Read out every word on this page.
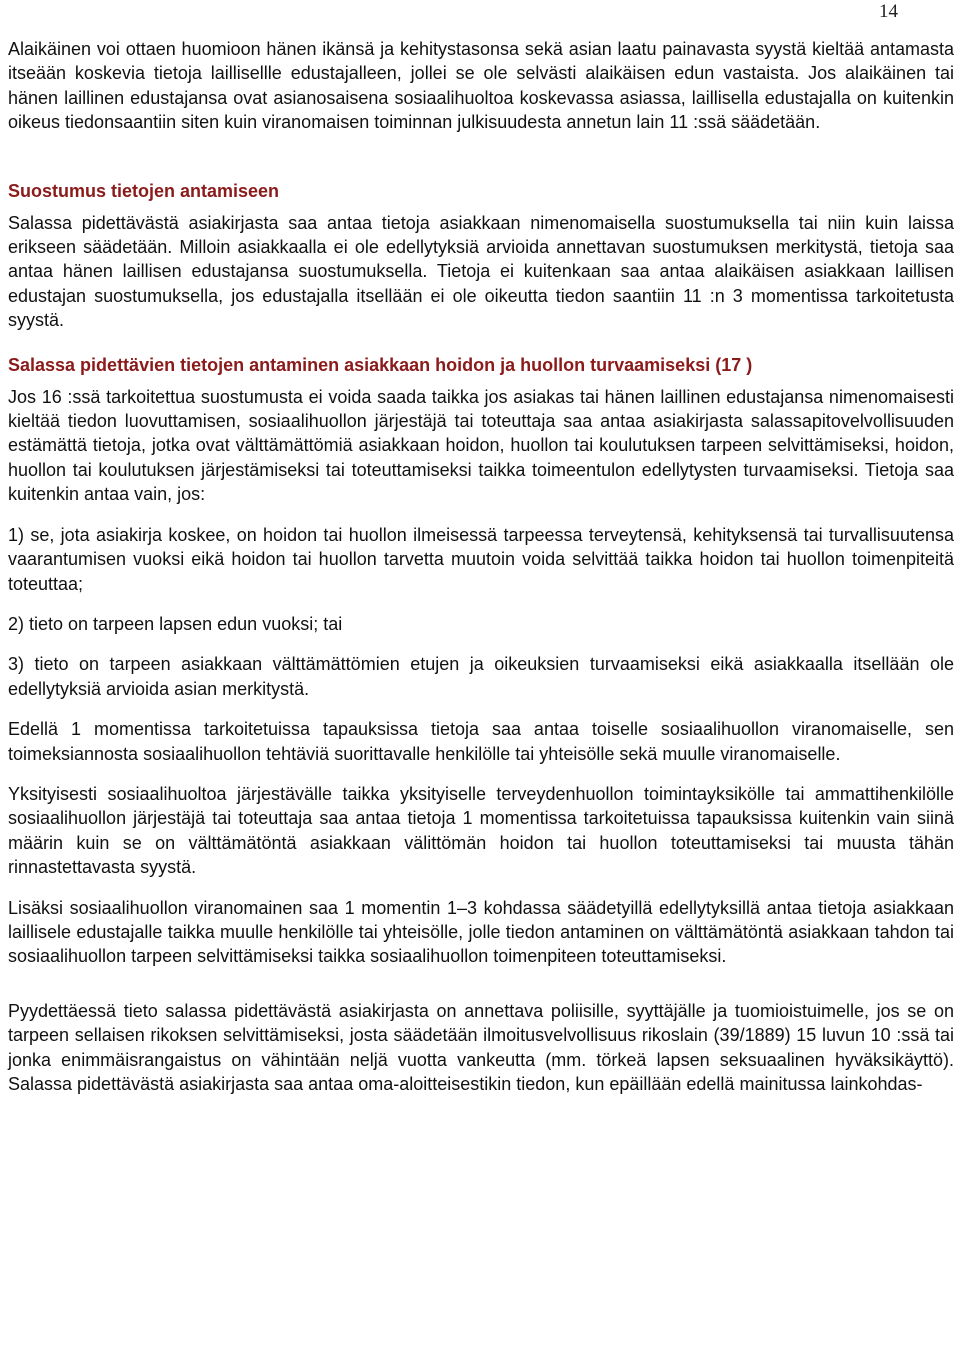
14

Alaikäinen voi ottaen huomioon hänen ikänsä ja kehitystasonsa sekä asian laatu painavasta syystä kieltää antamasta itseään koskevia tietoja laillisellle edustajalleen, jollei se ole selvästi alaikäisen edun vastaista. Jos alaikäinen tai hänen laillinen edustajansa ovat asianosaisena sosiaalihuoltoa koskevassa asiassa, laillisella edustajalla on kuitenkin oikeus tiedonsaantiin siten kuin viranomaisen toiminnan julkisuudesta annetun lain 11 :ssä säädetään.

Suostumus tietojen antamiseen

Salassa pidettävästä asiakirjasta saa antaa tietoja asiakkaan nimenomaisella suostumuksella tai niin kuin laissa erikseen säädetään. Milloin asiakkaalla ei ole edellytyksiä arvioida annettavan suostumuksen merkitystä, tietoja saa antaa hänen laillisen edustajansa suostumuksella. Tietoja ei kuitenkaan saa antaa alaikäisen asiakkaan laillisen edustajan suostumuksella, jos edustajalla itsellään ei ole oikeutta tiedon saantiin 11 :n 3 momentissa tarkoitetusta syystä.

Salassa pidettävien tietojen antaminen asiakkaan hoidon ja huollon turvaamiseksi (17 )

Jos 16 :ssä tarkoitettua suostumusta ei voida saada taikka jos asiakas tai hänen laillinen edustajansa nimenomaisesti kieltää tiedon luovuttamisen, sosiaalihuollon järjestäjä tai toteuttaja saa antaa asiakirjasta salassapitovelvollisuuden estämättä tietoja, jotka ovat välttämättömiä asiakkaan hoidon, huollon tai koulutuksen tarpeen selvittämiseksi, hoidon, huollon tai koulutuksen järjestämiseksi tai toteuttamiseksi taikka toimeentulon edellytysten turvaamiseksi. Tietoja saa kuitenkin antaa vain, jos:

1) se, jota asiakirja koskee, on hoidon tai huollon ilmeisessä tarpeessa terveytensä, kehityksensä tai turvallisuutensa vaarantumisen vuoksi eikä hoidon tai huollon tarvetta muutoin voida selvittää taikka hoidon tai huollon toimenpiteitä toteuttaa;

2) tieto on tarpeen lapsen edun vuoksi; tai

3) tieto on tarpeen asiakkaan välttämättömien etujen ja oikeuksien turvaamiseksi eikä asiakkaalla itsellään ole edellytyksiä arvioida asian merkitystä.

Edellä 1 momentissa tarkoitetuissa tapauksissa tietoja saa antaa toiselle sosiaalihuollon viranomaiselle, sen toimeksiannosta sosiaalihuollon tehtäviä suorittavalle henkilölle tai yhteisölle sekä muulle viranomaiselle.

Yksityisesti sosiaalihuoltoa järjestävälle taikka yksityiselle terveydenhuollon toimintayksikölle tai ammattihenkilölle sosiaalihuollon järjestäjä tai toteuttaja saa antaa tietoja 1 momentissa tarkoitetuissa tapauksissa kuitenkin vain siinä määrin kuin se on välttämätöntä asiakkaan välittömän hoidon tai huollon toteuttamiseksi tai muusta tähän rinnastettavasta syystä.

Lisäksi sosiaalihuollon viranomainen saa 1 momentin 1–3 kohdassa säädetyillä edellytyksillä antaa tietoja asiakkaan laillisele edustajalle taikka muulle henkilölle tai yhteisölle, jolle tiedon antaminen on välttämätöntä asiakkaan tahdon tai sosiaalihuollon tarpeen selvittämiseksi taikka sosiaalihuollon toimenpiteen toteuttamiseksi.

Pyydettäessä tieto salassa pidettävästä asiakirjasta on annettava poliisille, syyttäjälle ja tuomioistuimelle, jos se on tarpeen sellaisen rikoksen selvittämiseksi, josta säädetään ilmoitusvelvollisuus rikoslain (39/1889) 15 luvun 10 :ssä tai jonka enimmäisrangaistus on vähintään neljä vuotta vankeutta (mm. törkeä lapsen seksuaalinen hyväksikäyttö). Salassa pidettävästä asiakirjasta saa antaa oma-aloitteisestikin tiedon, kun epäillään edellä mainitussa lainkohdas-
